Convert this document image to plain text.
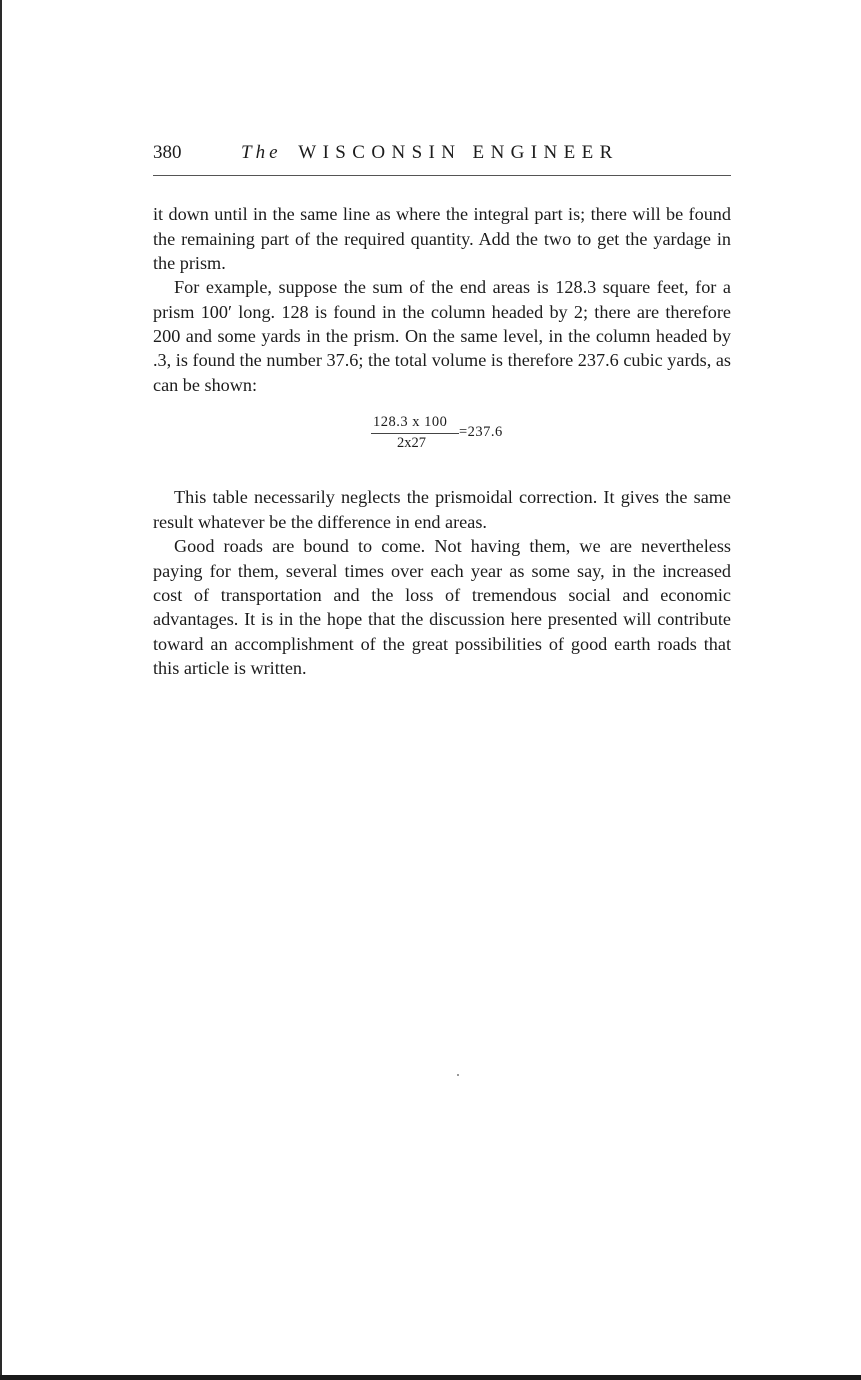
380	The WISCONSIN ENGINEER

it down until in the same line as where the integral part is; there will be found the remaining part of the required quantity. Add the two to get the yardage in the prism.

For example, suppose the sum of the end areas is 128.3 square feet, for a prism 100′ long. 128 is found in the column headed by 2; there are therefore 200 and some yards in the prism. On the same level, in the column headed by .3, is found the number 37.6; the total volume is therefore 237.6 cubic yards, as can be shown:

128.3 x 100
2x27
=237.6

This table necessarily neglects the prismoidal correction. It gives the same result whatever be the difference in end areas.

Good roads are bound to come. Not having them, we are nevertheless paying for them, several times over each year as some say, in the increased cost of transportation and the loss of tremendous social and economic advantages. It is in the hope that the discussion here presented will contribute toward an accomplishment of the great possibilities of good earth roads that this article is written.
